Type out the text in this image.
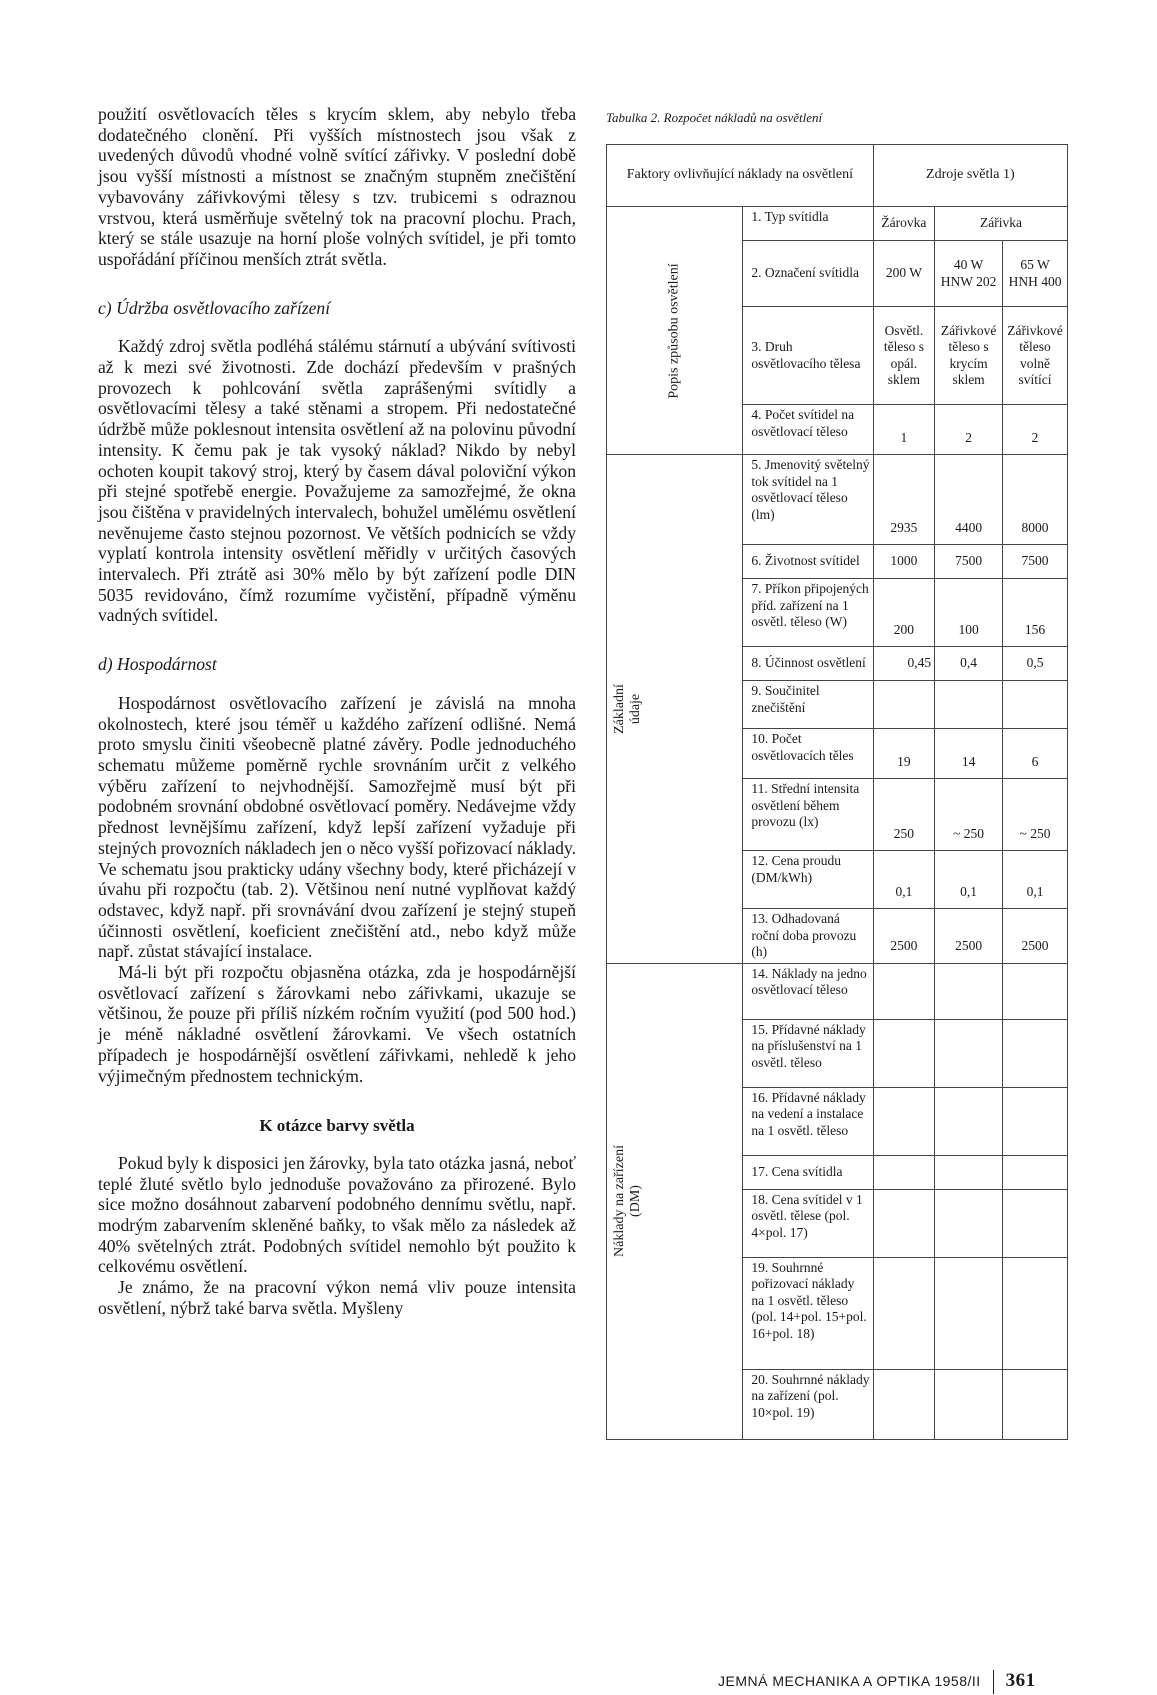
použití osvětlovacích těles s krycím sklem, aby nebylo třeba dodatečného clonění. Při vyšších místnostech jsou však z uvedených důvodů vhodné volně svítící zářivky. V poslední době jsou vyšší místnosti a místnost se značným stupněm znečištění vybavovány zářivkovými tělesy s tzv. trubicemi s odraznou vrstvou, která usměrňuje světelný tok na pracovní plochu. Prach, který se stále usazuje na horní ploše volných svítidel, je při tomto uspořádání příčinou menších ztrát světla.

c) Údržba osvětlovacího zařízení

Každý zdroj světla podléhá stálému stárnutí a ubývání svítivosti až k mezi své životnosti. Zde dochází především v prašných provozech k pohlcování světla zaprášenými svítidly a osvětlovacími tělesy a také stěnami a stropem. Při nedostatečné údržbě může poklesnout intensita osvětlení až na polovinu původní intensity. K čemu pak je tak vysoký náklad? Nikdo by nebyl ochoten koupit takový stroj, který by časem dával poloviční výkon při stejné spotřebě energie. Považujeme za samozřejmé, že okna jsou čištěna v pravidelných intervalech, bohužel umělému osvětlení nevěnujeme často stejnou pozornost. Ve větších podnicích se vždy vyplatí kontrola intensity osvětlení měřidly v určitých časových intervalech. Při ztrátě asi 30% mělo by být zařízení podle DIN 5035 revidováno, čímž rozumíme vyčistění, případně výměnu vadných svítidel.

d) Hospodárnost

Hospodárnost osvětlovacího zařízení je závislá na mnoha okolnostech, které jsou téměř u každého zařízení odlišné. Nemá proto smyslu činiti všeobecně platné závěry. Podle jednoduchého schematu můžeme poměrně rychle srovnáním určit z velkého výběru zařízení to nejvhodnější. Samozřejmě musí být při podobném srovnání obdobné osvětlovací poměry. Nedávejme vždy přednost levnějšímu zařízení, když lepší zařízení vyžaduje při stejných provozních nákladech jen o něco vyšší pořizovací náklady. Ve schematu jsou prakticky udány všechny body, které přicházejí v úvahu při rozpočtu (tab. 2). Většinou není nutné vyplňovat každý odstavec, když např. při srovnávání dvou zařízení je stejný stupeň účinnosti osvětlení, koeficient znečištění atd., nebo když může např. zůstat stávající instalace.

Má-li být při rozpočtu objasněna otázka, zda je hospodárnější osvětlovací zařízení s žárovkami nebo zářivkami, ukazuje se většinou, že pouze při příliš nízkém ročním využití (pod 500 hod.) je méně nákladné osvětlení žárovkami. Ve všech ostatních případech je hospodárnější osvětlení zářivkami, nehledě k jeho výjimečným přednostem technickým.

K otázce barvy světla

Pokud byly k disposici jen žárovky, byla tato otázka jasná, neboť teplé žluté světlo bylo jednoduše považováno za přirozené. Bylo sice možno dosáhnout zabarvení podobného dennímu světlu, např. modrým zabarvením skleněné baňky, to však mělo za následek až 40% světelných ztrát. Podobných svítidel nemohlo být použito k celkovému osvětlení.

Je známo, že na pracovní výkon nemá vliv pouze intensita osvětlení, nýbrž také barva světla. Myšleny

Tabulka 2. Rozpočet nákladů na osvětlení
Faktory ovlivňující náklady na osvětlení		Zdroje světla 1)		

Popis způsobu osvětlení	1. Typ svítidla	Žárovka	Zářivka	
	2. Označení svítidla	200 W	40 W HNW 202	65 W HNH 400
	3. Druh osvětlovacího tělesa	Osvětl. těleso s opál. sklem	Zářivkové těleso s krycím sklem	Zářivkové těleso volně svítící
	4. Počet svítidel na osvětlovací těleso	1	2	2

Základní údaje	5. Jmenovitý světelný tok svítidel na 1 osvětlovací těleso (lm)	2935	4400	8000
	6. Životnost svítidel	1000	7500	7500
	7. Příkon připojených příd. zařízení na 1 osvětl. těleso (W)	200	100	156
	8. Účinnost osvětlení	0,45	0,4	0,5
	9. Součinitel znečištění			
	10. Počet osvětlovacích těles	19	14	6
	11. Střední intensita osvětlení během provozu (lx)	250	~ 250	~ 250
	12. Cena proudu (DM/kWh)	0,1	0,1	0,1
	13. Odhadovaná roční doba provozu (h)	2500	2500	2500

Náklady na zařízení (DM)	14. Náklady na jedno osvětlovací těleso			
	15. Přídavné náklady na příslušenství na 1 osvětl. těleso			
	16. Přídavné náklady na vedení a instalace na 1 osvětl. těleso			
	17. Cena svítidla			
	18. Cena svítidel v 1 osvětl. tělese (pol. 4×pol. 17)			
	19. Souhrnné pořizovací náklady na 1 osvětl. těleso (pol. 14+pol. 15+pol. 16+pol. 18)			
	20. Souhrnné náklady na zařízení (pol. 10×pol. 19)			
JEMNÁ MECHANIKA A OPTIKA 1958/II 361
